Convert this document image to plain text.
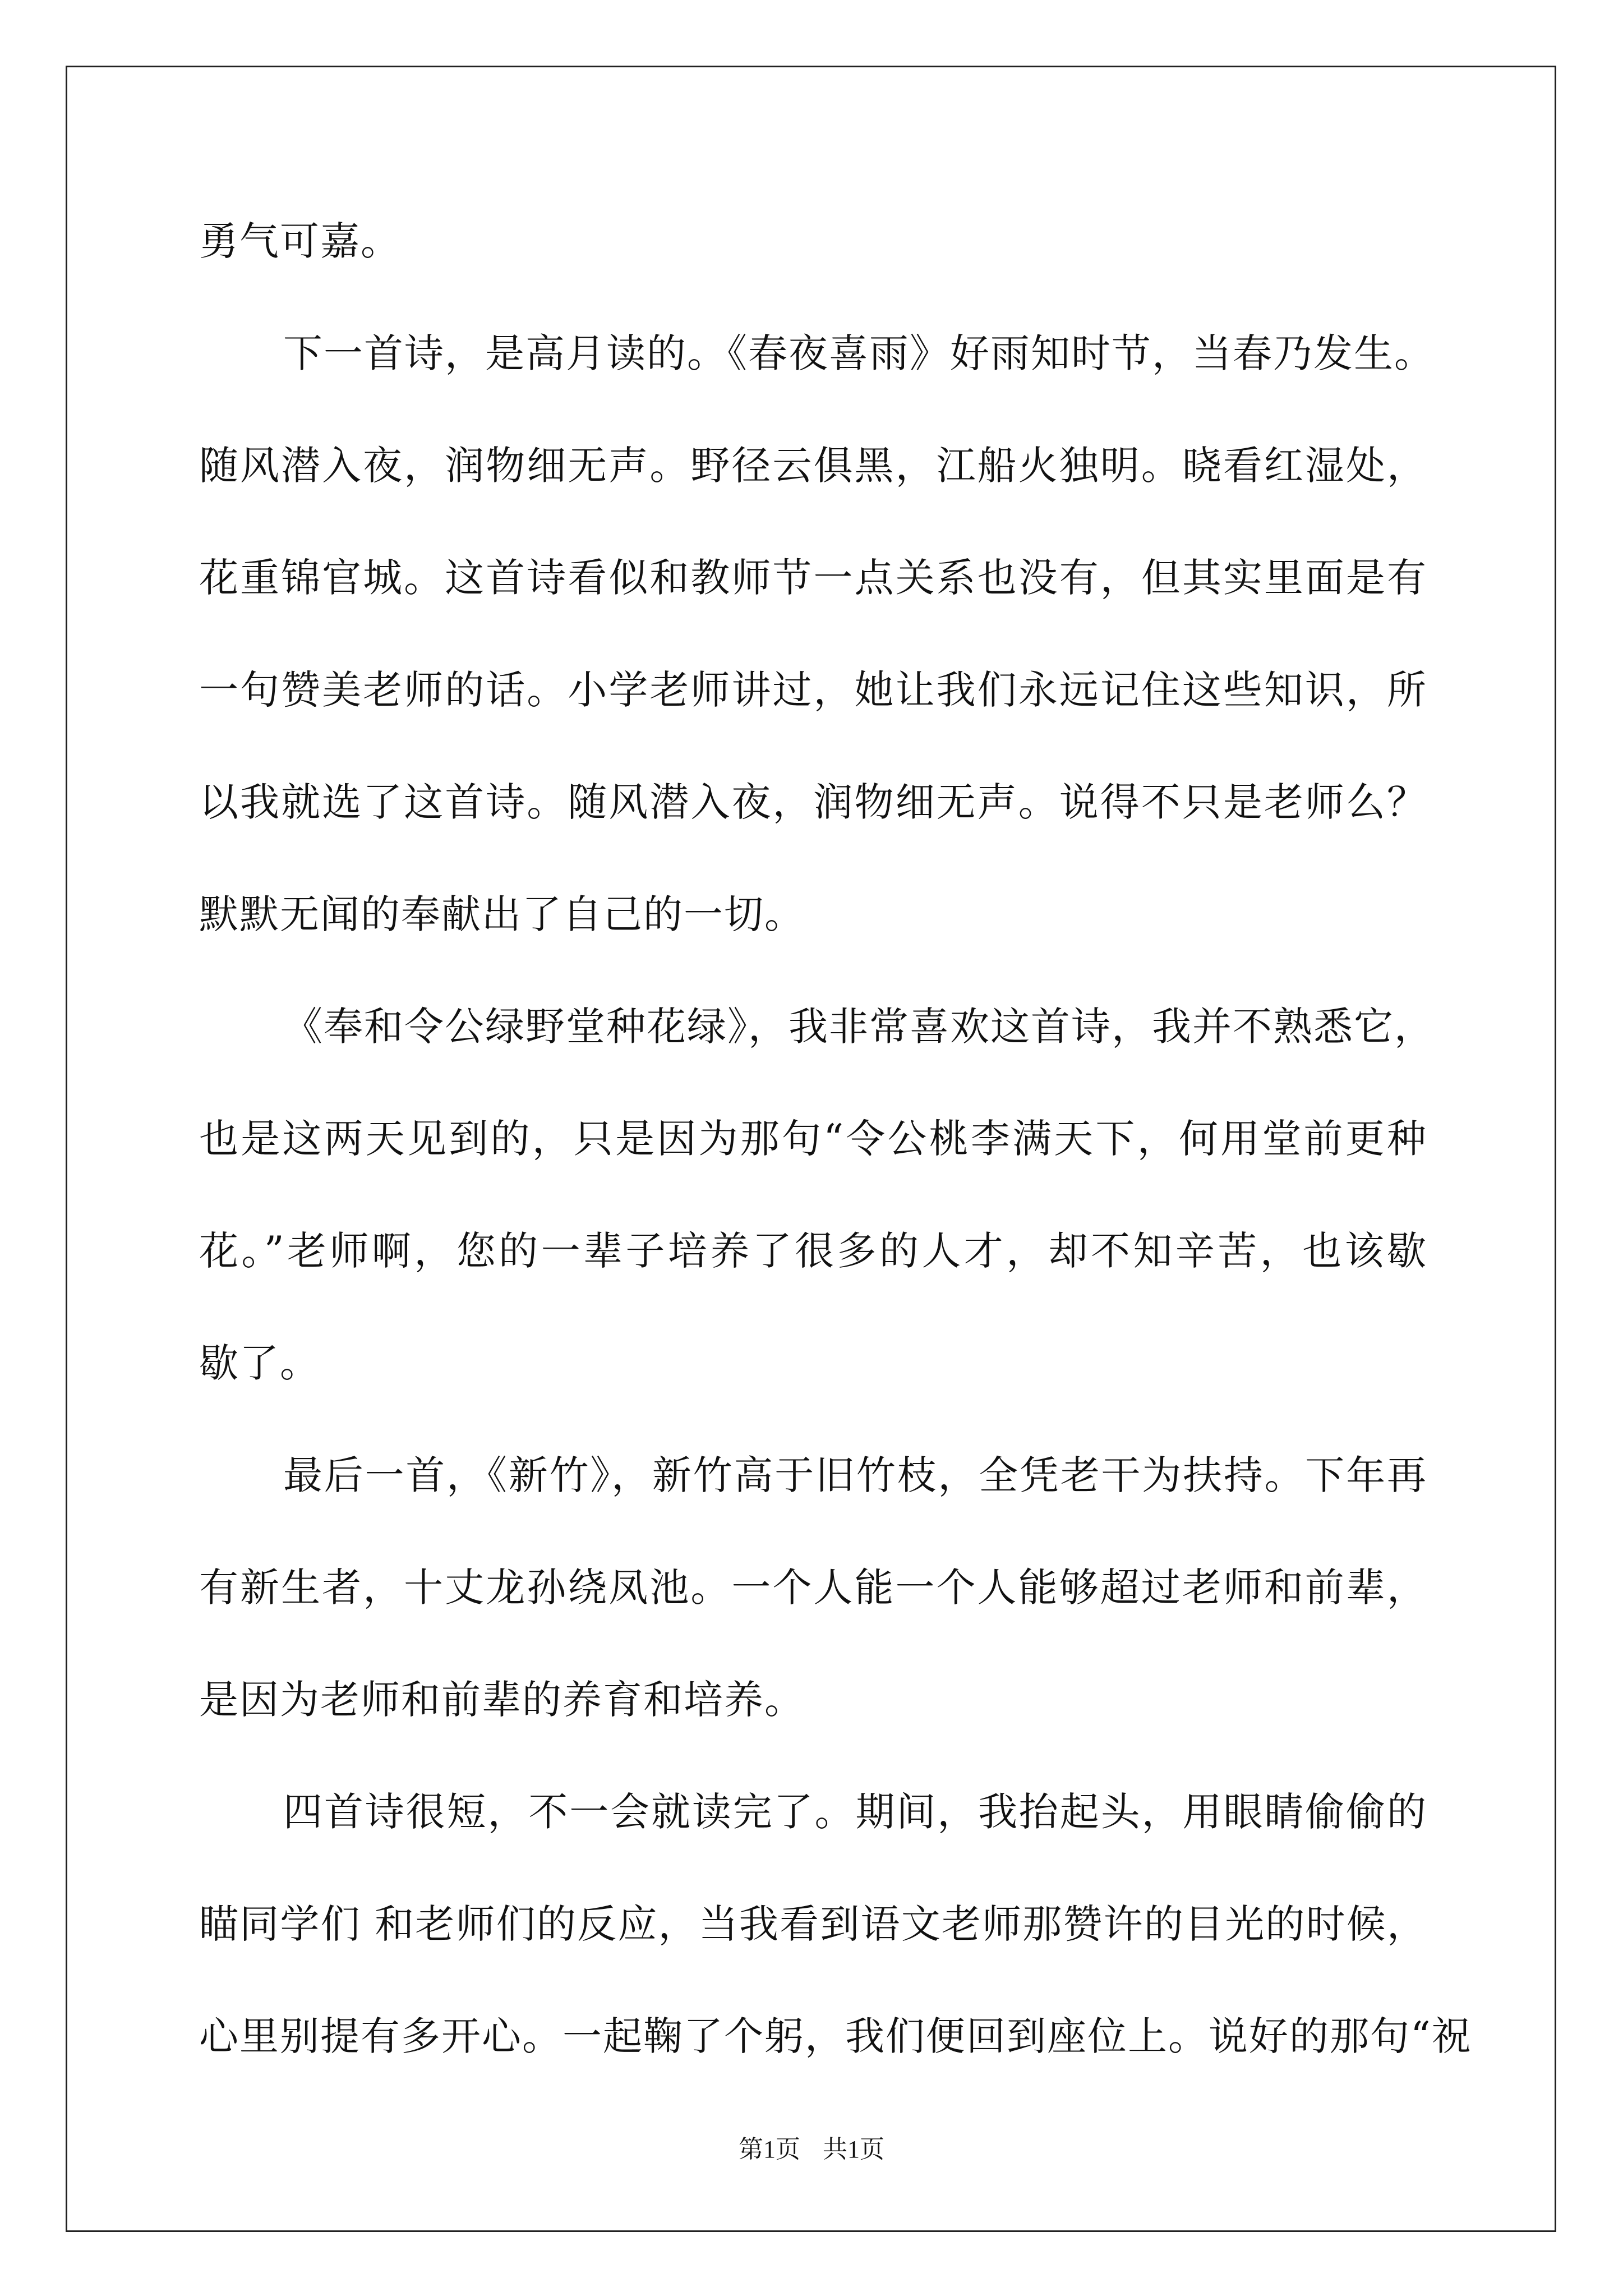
勇气可嘉。
下一首诗，是高月读的。《春夜喜雨》好雨知时节，当春乃发生。
随风潜入夜，润物细无声。野径云俱黑，江船火独明。晓看红湿处，
花重锦官城。这首诗看似和教师节一点关系也没有，但其实里面是有
一句赞美老师的话。小学老师讲过，她让我们永远记住这些知识，所
以我就选了这首诗。随风潜入夜，润物细无声。说得不只是老师么？
默默无闻的奉献出了自己的一切。
《奉和令公绿野堂种花绿》，我非常喜欢这首诗，我并不熟悉它，
也是这两天见到的，只是因为那句“令公桃李满天下，何用堂前更种
花。”老师啊，您的一辈子培养了很多的人才，却不知辛苦，也该歇
歇了。
最后一首，《新竹》，新竹高于旧竹枝，全凭老干为扶持。下年再
有新生者，十丈龙孙绕凤池。一个人能一个人能够超过老师和前辈，
是因为老师和前辈的养育和培养。
四首诗很短，不一会就读完了。期间，我抬起头，用眼睛偷偷的
瞄同学们 和老师们的反应，当我看到语文老师那赞许的目光的时候，
心里别提有多开心。一起鞠了个躬，我们便回到座位上。说好的那句“祝
第1页 共1页
